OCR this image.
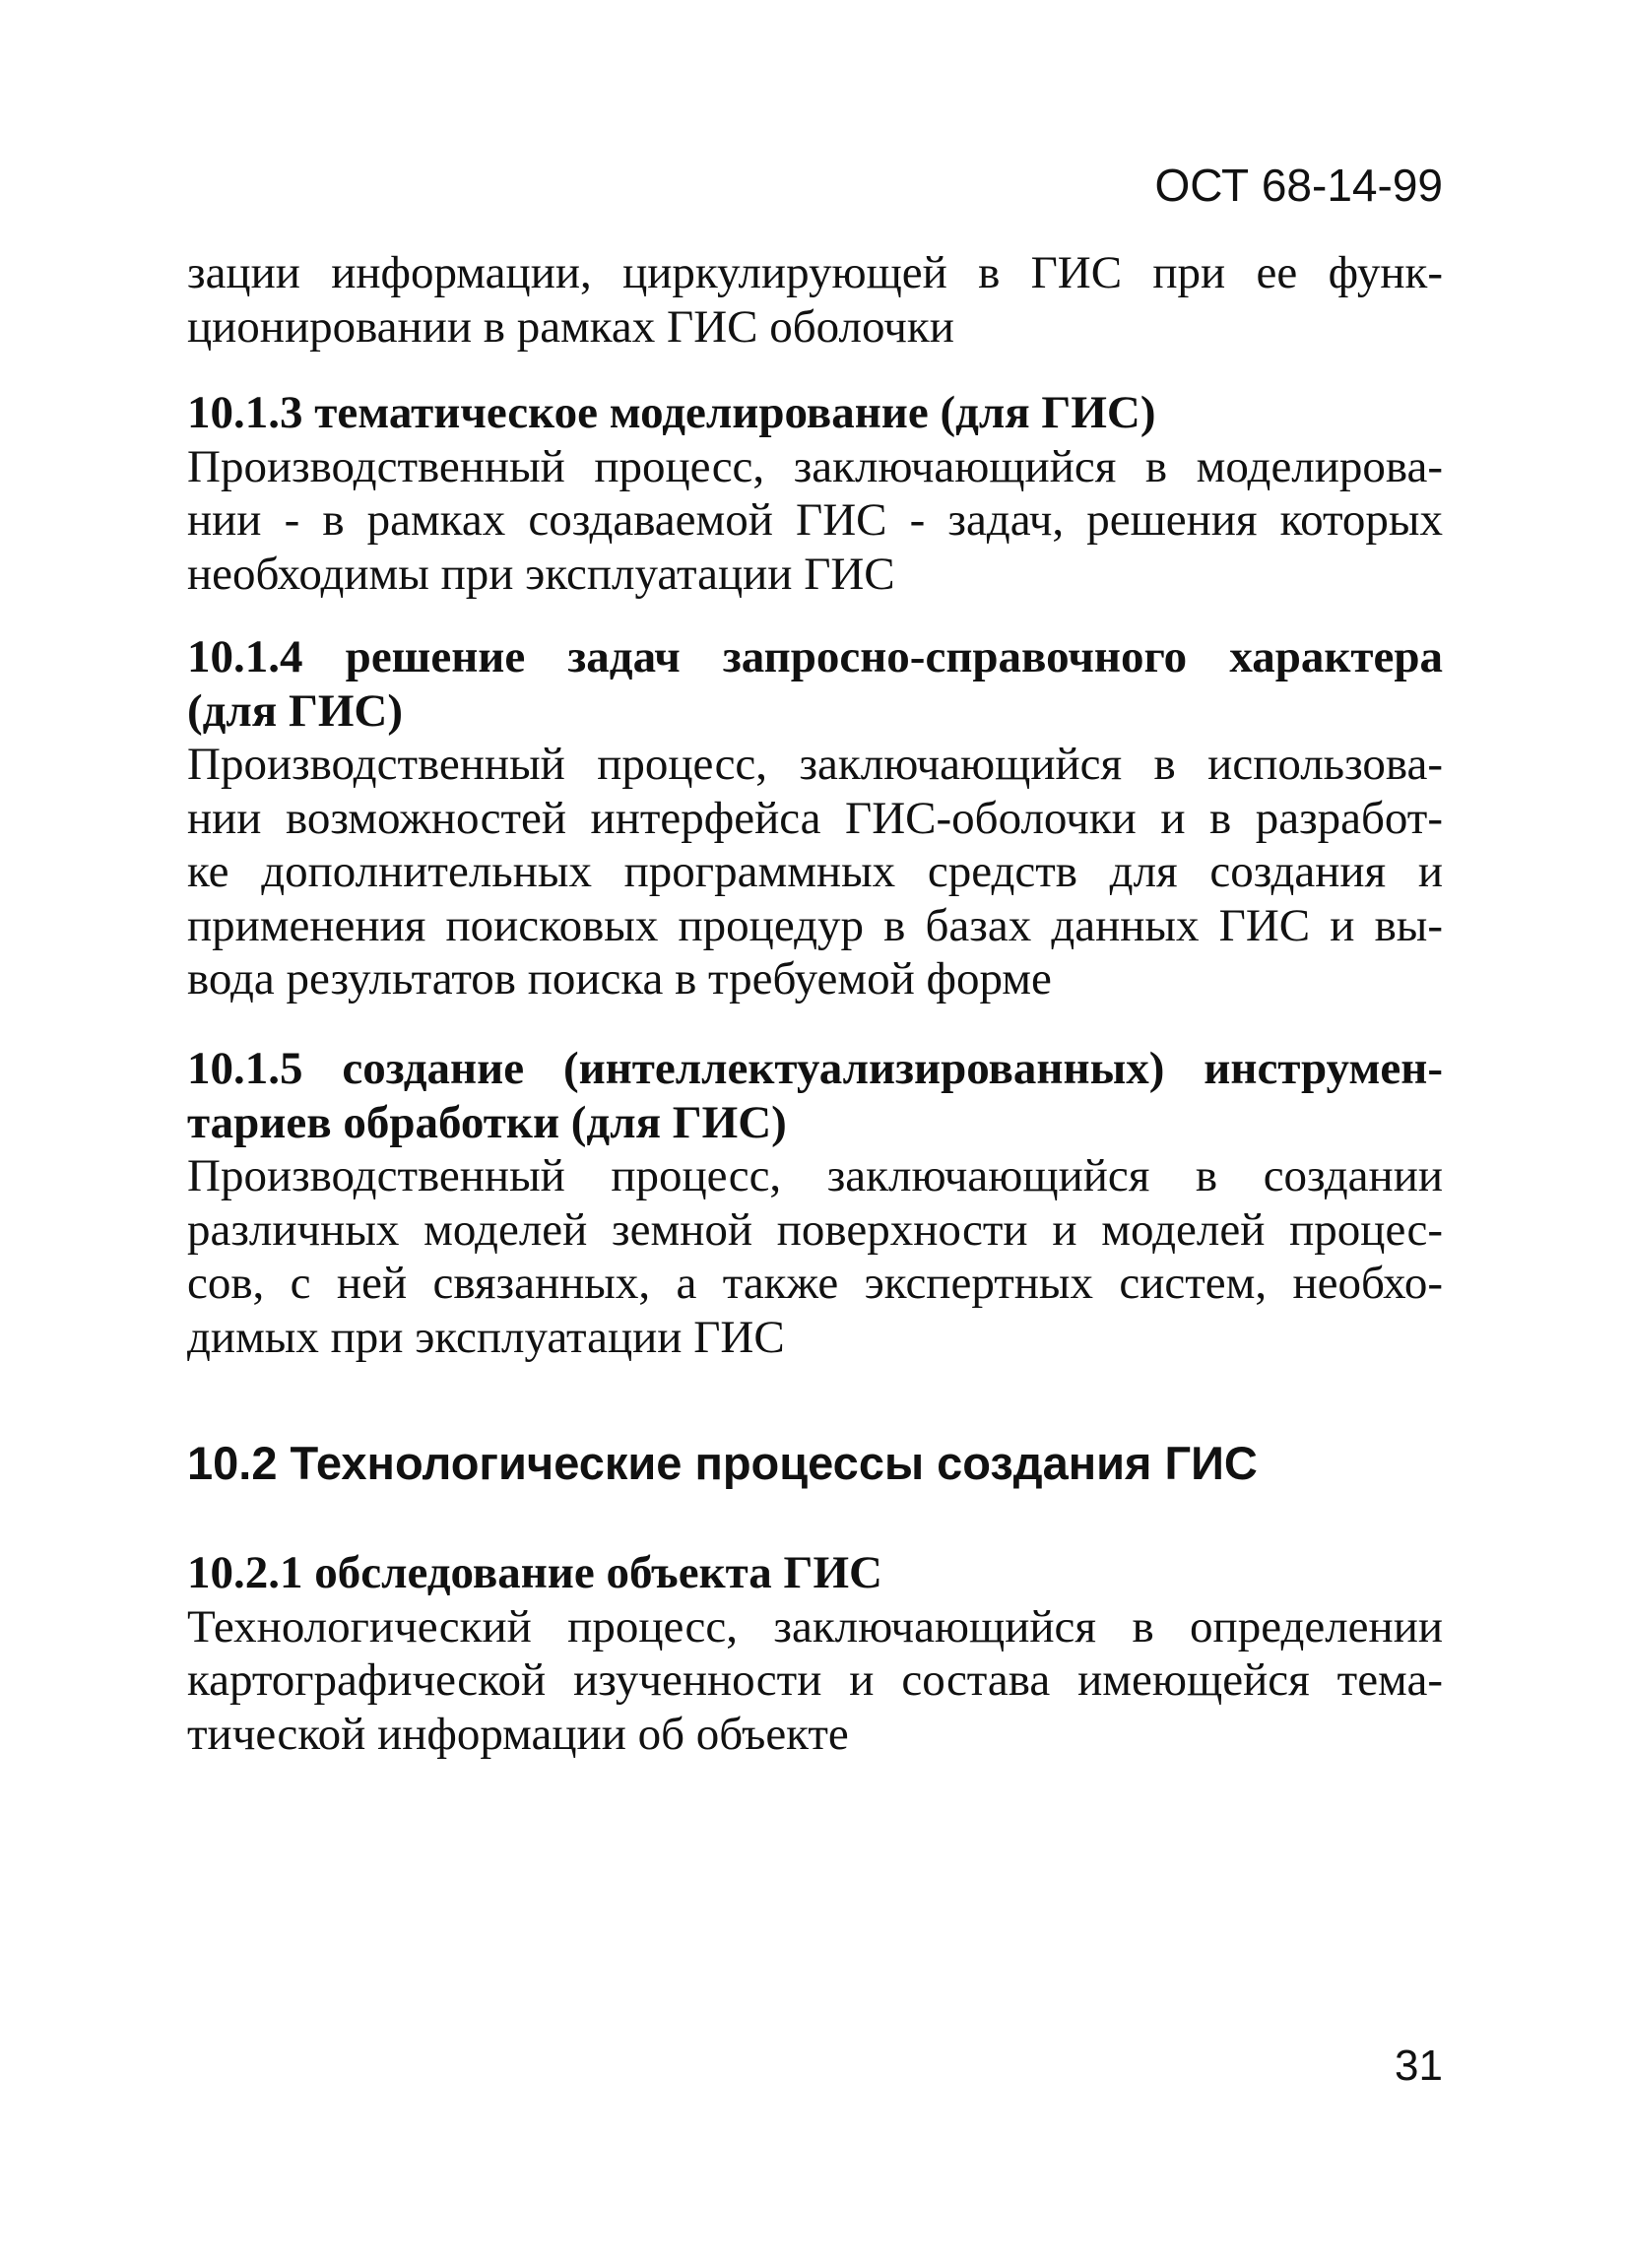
ОСТ 68-14-99

зации информации, циркулирующей в ГИС при ее функ-

ционировании в рамках ГИС оболочки

10.1.3 тематическое моделирование (для ГИС)

Производственный процесс, заключающийся в моделирова-

нии - в рамках создаваемой ГИС - задач, решения которых

необходимы при эксплуатации ГИС

10.1.4 решение задач запросно-справочного характера

(для ГИС)

Производственный процесс, заключающийся в использова-

нии возможностей интерфейса ГИС-оболочки и в разработ-

ке дополнительных программных средств для создания и

применения поисковых процедур в базах данных ГИС и вы-

вода результатов поиска в требуемой форме

10.1.5 создание (интеллектуализированных) инструмен-

тариев обработки (для ГИС)

Производственный процесс, заключающийся в создании

различных моделей земной поверхности и моделей процес-

сов, с ней связанных, а также экспертных систем, необхо-

димых при эксплуатации ГИС

10.2 Технологические процессы создания ГИС

10.2.1 обследование объекта ГИС

Технологический процесс, заключающийся в определении

картографической изученности и состава имеющейся тема-

тической информации об объекте

31
